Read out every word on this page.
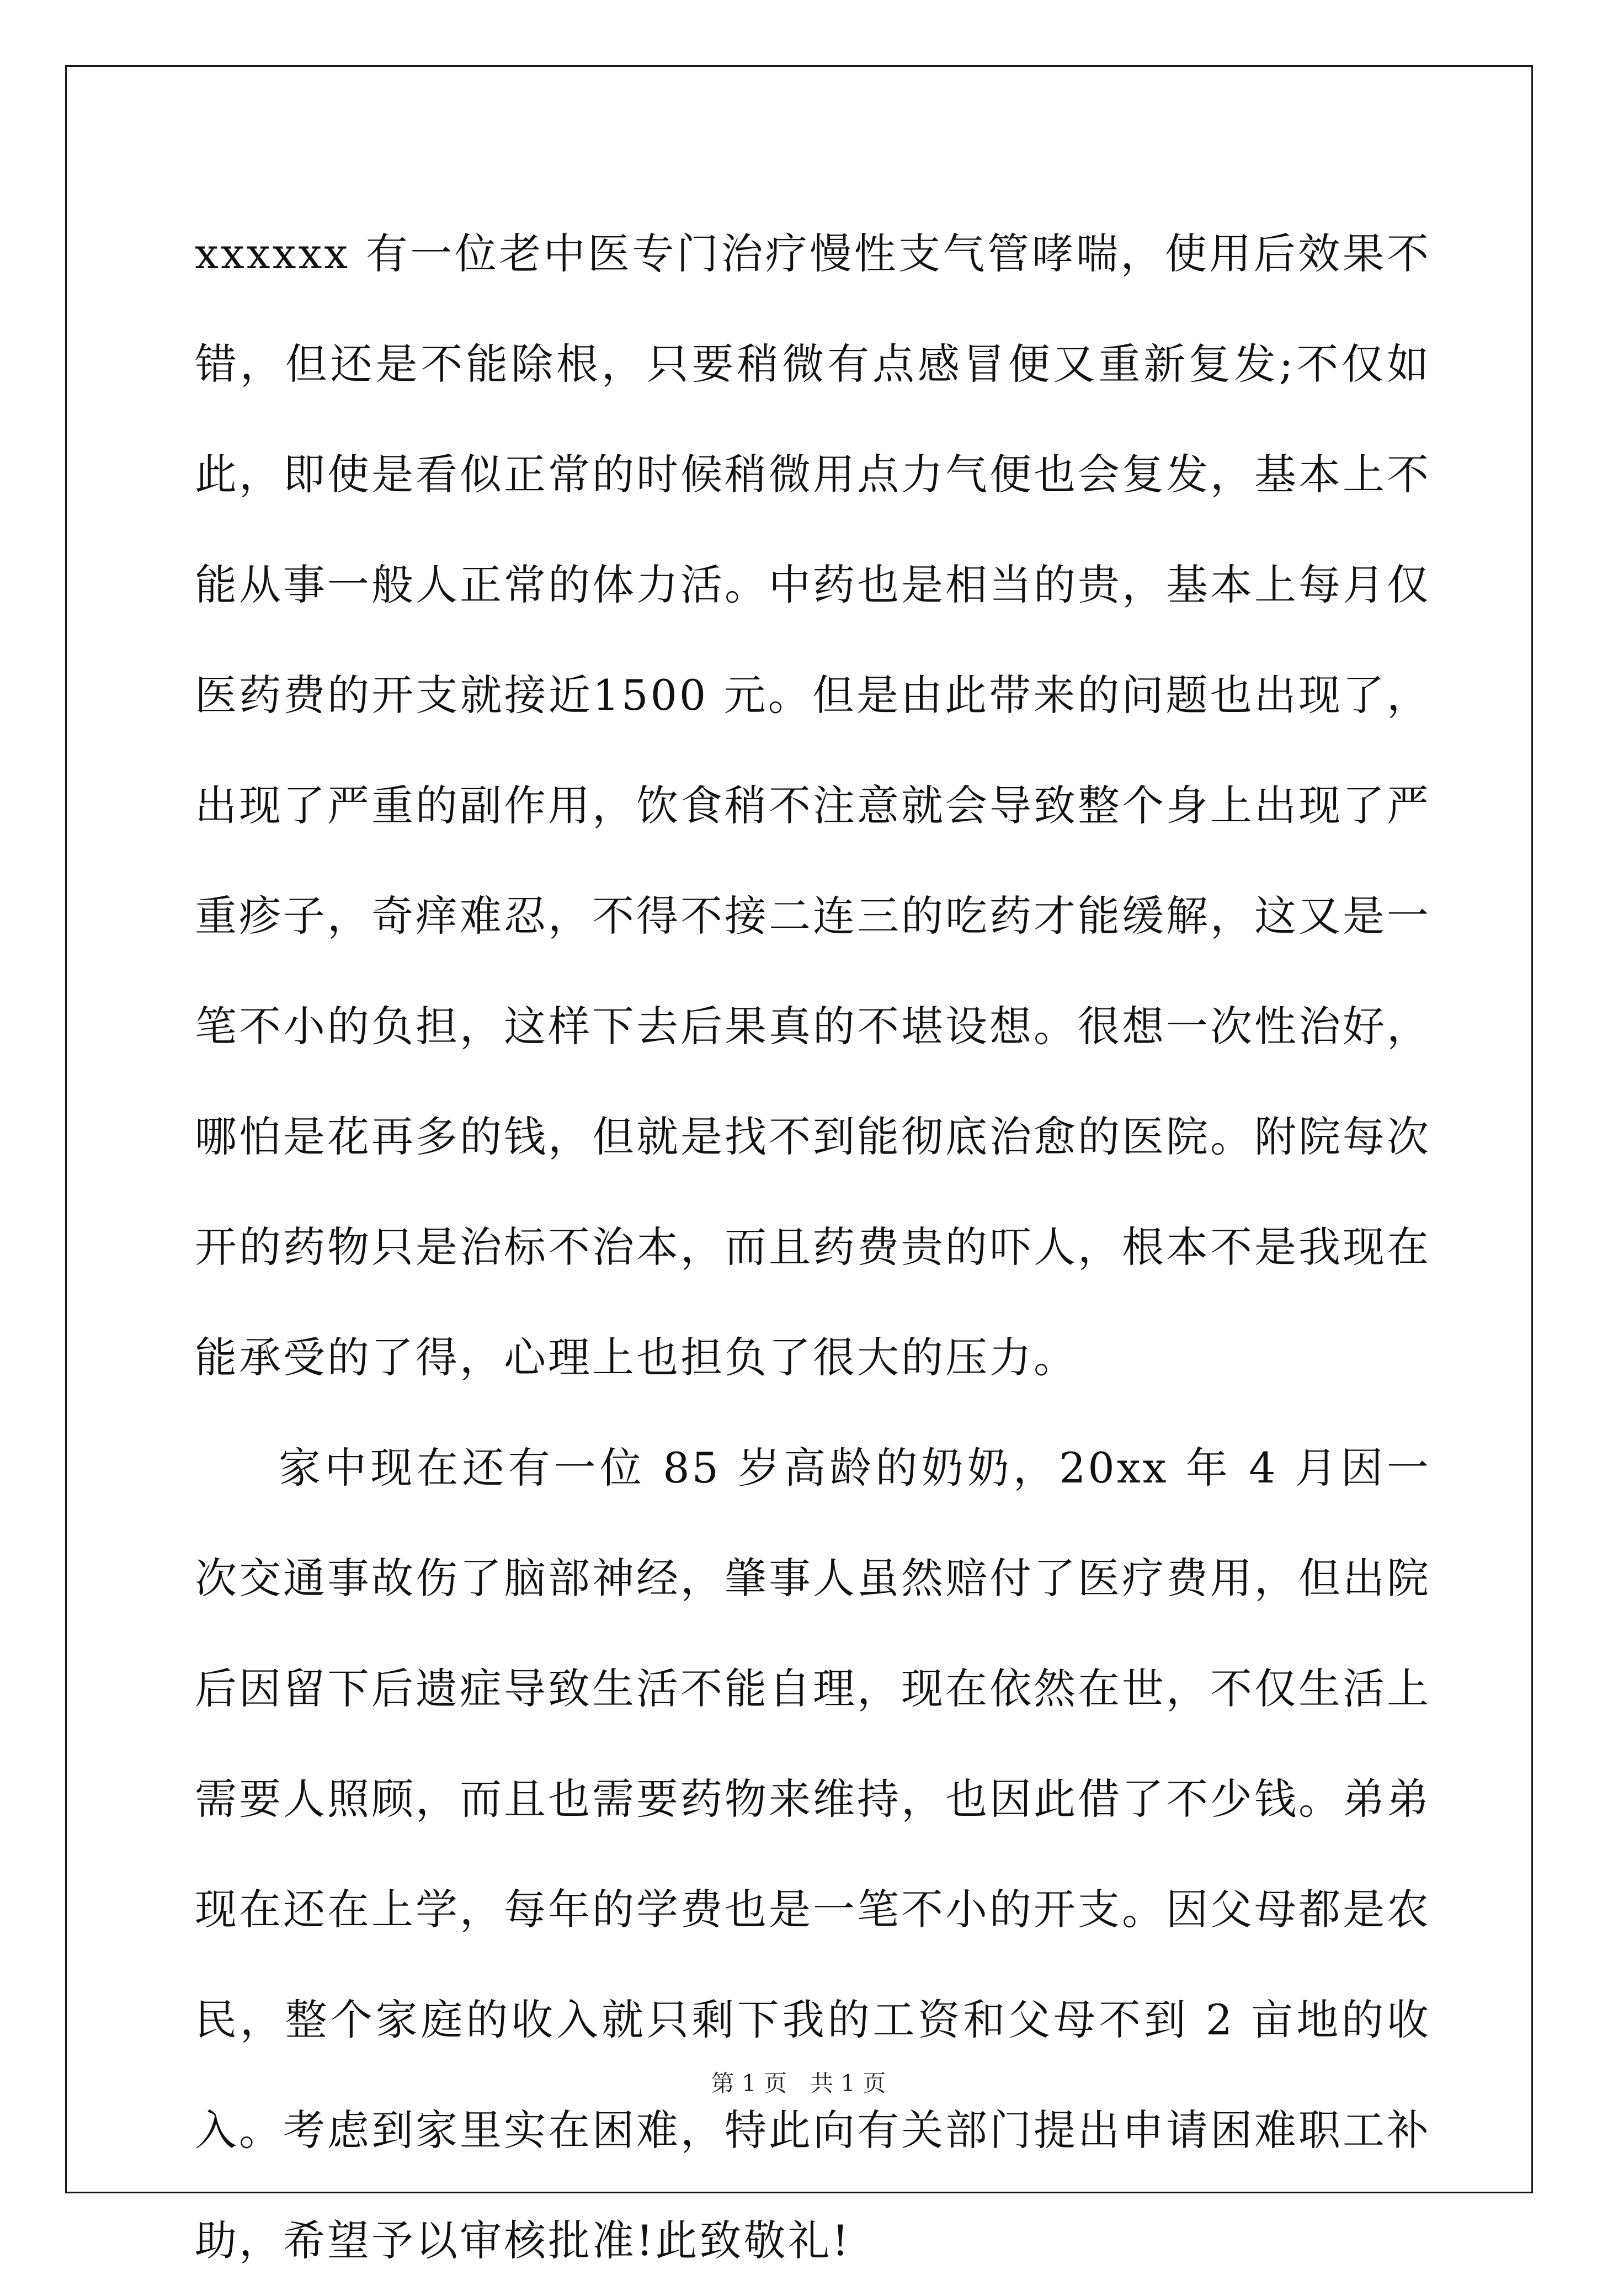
xxxxxx 有一位老中医专门治疗慢性支气管哮喘，使用后效果不错，但还是不能除根，只要稍微有点感冒便又重新复发;不仅如此，即使是看似正常的时候稍微用点力气便也会复发，基本上不能从事一般人正常的体力活。中药也是相当的贵，基本上每月仅医药费的开支就接近1500 元。但是由此带来的问题也出现了，出现了严重的副作用，饮食稍不注意就会导致整个身上出现了严重疹子，奇痒难忍，不得不接二连三的吃药才能缓解，这又是一笔不小的负担，这样下去后果真的不堪设想。很想一次性治好，哪怕是花再多的钱，但就是找不到能彻底治愈的医院。附院每次开的药物只是治标不治本，而且药费贵的吓人，根本不是我现在能承受的了得，心理上也担负了很大的压力。

家中现在还有一位 85 岁高龄的奶奶，20xx 年 4 月因一次交通事故伤了脑部神经，肇事人虽然赔付了医疗费用，但出院后因留下后遗症导致生活不能自理，现在依然在世，不仅生活上需要人照顾，而且也需要药物来维持，也因此借了不少钱。弟弟现在还在上学，每年的学费也是一笔不小的开支。因父母都是农民，整个家庭的收入就只剩下我的工资和父母不到 2 亩地的收入。考虑到家里实在困难，特此向有关部门提出申请困难职工补助，希望予以审核批准!此致敬礼!

第 1 页　共 1 页
